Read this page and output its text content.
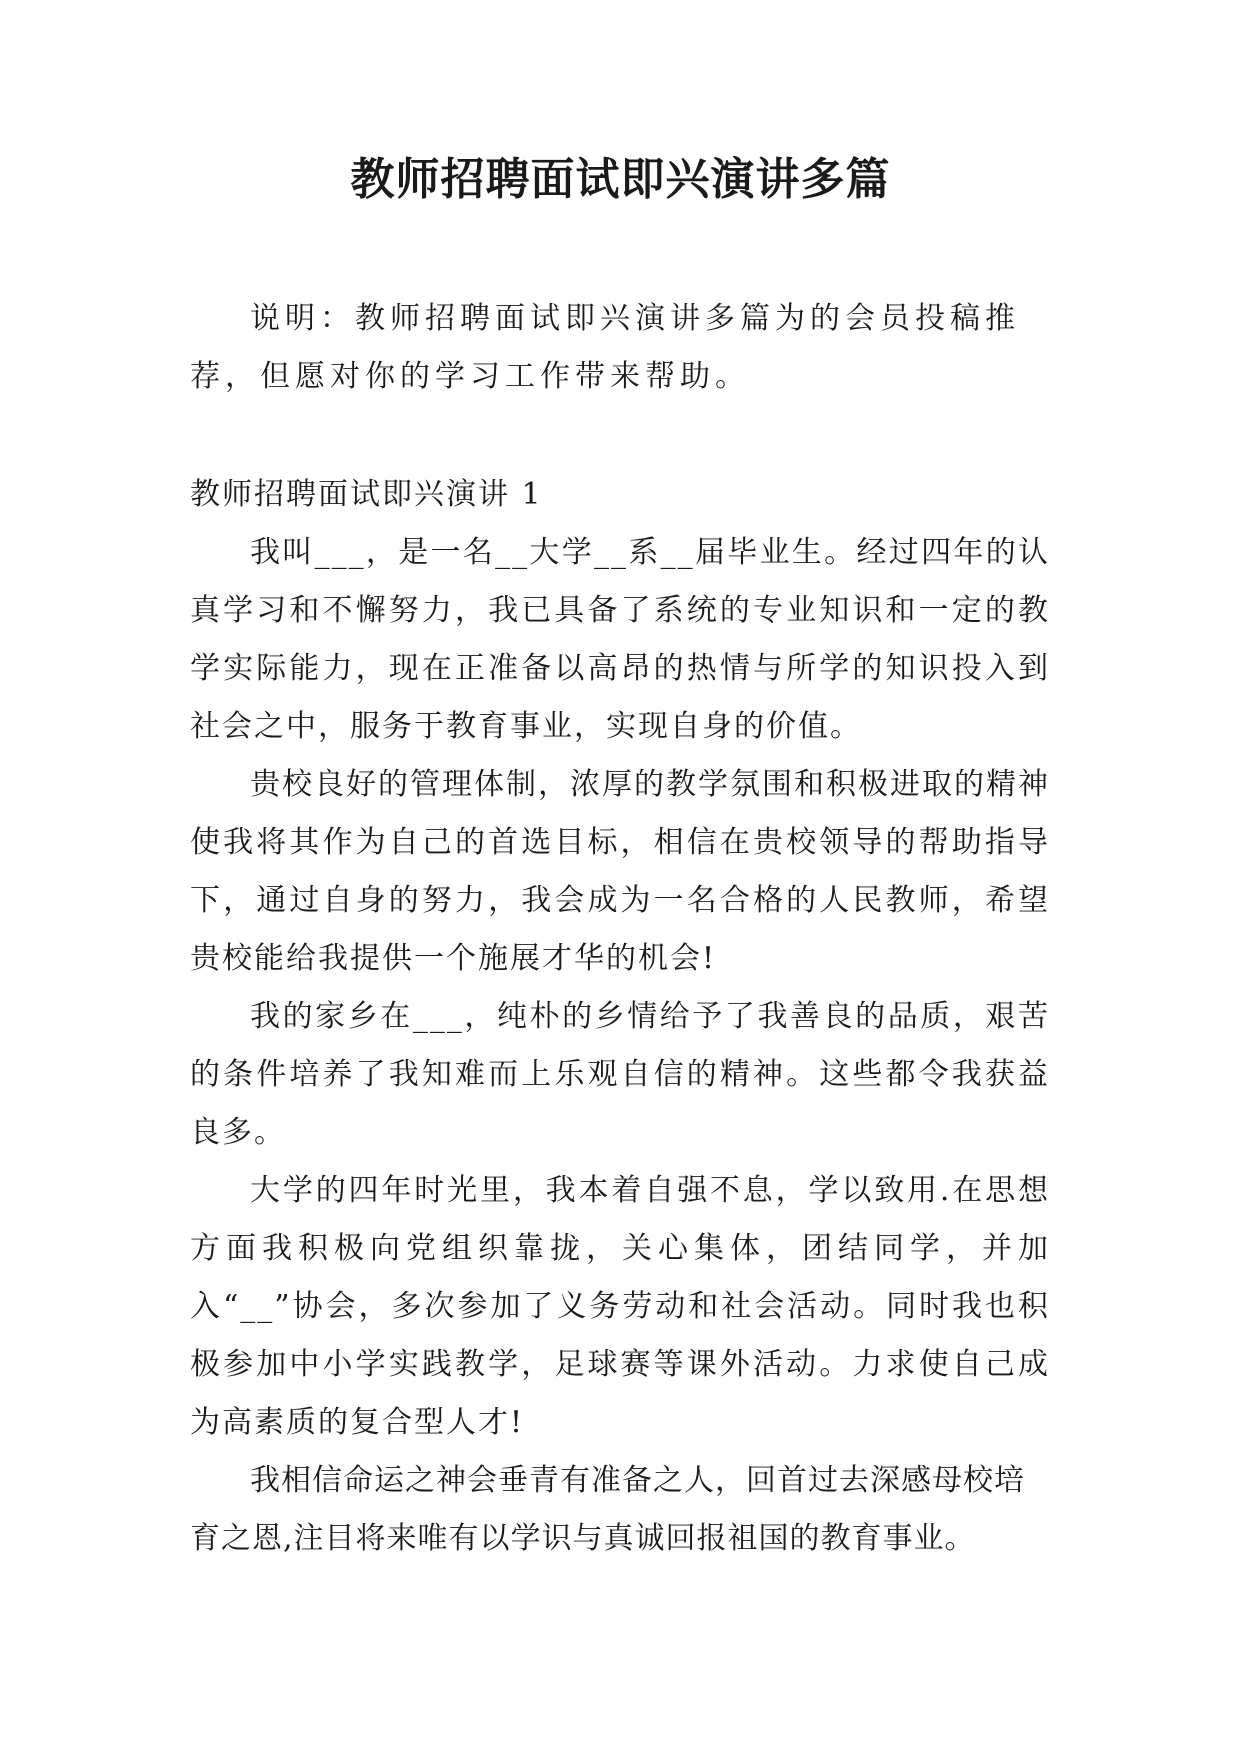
教师招聘面试即兴演讲多篇

说明：教师招聘面试即兴演讲多篇为的会员投稿推荐，但愿对你的学习工作带来帮助。

教师招聘面试即兴演讲 1

我叫___，是一名__大学__系__届毕业生。经过四年的认真学习和不懈努力，我已具备了系统的专业知识和一定的教学实际能力，现在正准备以高昂的热情与所学的知识投入到社会之中，服务于教育事业，实现自身的价值。

贵校良好的管理体制，浓厚的教学氛围和积极进取的精神使我将其作为自己的首选目标，相信在贵校领导的帮助指导下，通过自身的努力，我会成为一名合格的人民教师，希望贵校能给我提供一个施展才华的机会!

我的家乡在___，纯朴的乡情给予了我善良的品质，艰苦的条件培养了我知难而上乐观自信的精神。这些都令我获益良多。

大学的四年时光里，我本着自强不息，学以致用.在思想方面我积极向党组织靠拢，关心集体，团结同学，并加入“__”协会，多次参加了义务劳动和社会活动。同时我也积极参加中小学实践教学，足球赛等课外活动。力求使自己成为高素质的复合型人才!

我相信命运之神会垂青有准备之人，回首过去深感母校培育之恩,注目将来唯有以学识与真诚回报祖国的教育事业。
